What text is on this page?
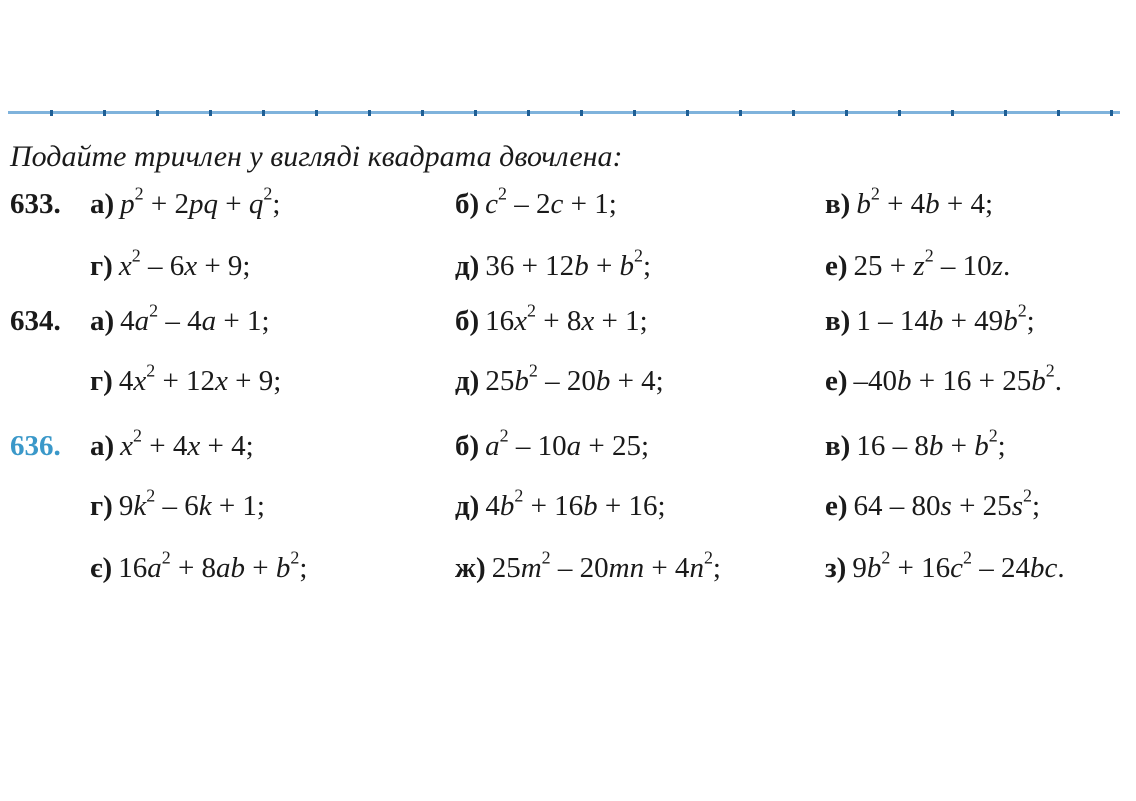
Подайте тричлен у вигляді квадрата двочлена:
633. а) $p^2 + 2pq + q^2$;	б) $c^2 - 2c + 1$;	в) $b^2 + 4b + 4$;
г) $x^2 - 6x + 9$;	д) $36 + 12b + b^2$;	е) $25 + z^2 - 10z$.
634. а) $4a^2 - 4a + 1$;	б) $16x^2 + 8x + 1$;	в) $1 - 14b + 49b^2$;
г) $4x^2 + 12x + 9$;	д) $25b^2 - 20b + 4$;	е) $-40b + 16 + 25b^2$.
636. а) $x^2 + 4x + 4$;	б) $a^2 - 10a + 25$;	в) $16 - 8b + b^2$;
г) $9k^2 - 6k + 1$;	д) $4b^2 + 16b + 16$;	е) $64 - 80s + 25s^2$;
є) $16a^2 + 8ab + b^2$;	ж) $25m^2 - 20mn + 4n^2$;	з) $9b^2 + 16c^2 - 24bc$.
